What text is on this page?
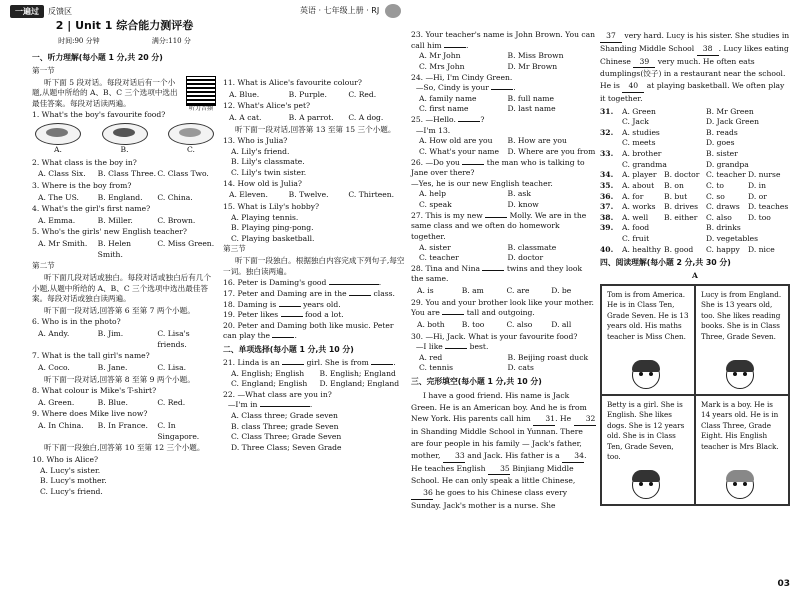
一遍过	反馈区	英语 · 七年级上册 · RJ
2 | Unit 1 综合能力测评卷
时间:90 分钟	满分:110 分
一、听力理解(每小题 1 分,共 20 分)
第一节
听力音频
听下面 5 段对话。每段对话后有一个小题,从题中所给的 A、B、C 三个选项中选出最佳答案。每段对话读两遍。
1. What's the boy's favourite food?
A.	B.	C.
2. What class is the boy in?
A. Class Six.	B. Class Three. C. Class Two.
3. Where is the boy from?
A. The US.	B. England.	C. China.
4. What's the girl's first name?
A. Emma.	B. Miller.	C. Brown.
5. Who's the girls' new English teacher?
A. Mr Smith.	B. Helen Smith.
C. Miss Green.
第二节
听下面几段对话或独白。每段对话或独白后有几个小题,从题中所给的 A、B、C 三个选项中选出最佳答案。每段对话或独白读两遍。
听下面一段对话,回答第 6 至第 7 两个小题。
6. Who is in the photo?
A. Andy.	B. Jim.	C. Lisa's friends.
7. What is the tall girl's name?
A. Coco.	B. Jane.	C. Lisa.
听下面一段对话,回答第 8 至第 9 两个小题。
8. What colour is Mike's T-shirt?
A. Green.	B. Blue.	C. Red.
9. Where does Mike live now?
A. In China.	B. In France.	C. In Singapore.
听下面一段独白,回答第 10 至第 12 三个小题。
10. Who is Alice?
A. Lucy's sister.
B. Lucy's mother.
C. Lucy's friend.
11. What is Alice's favourite colour?
A. Blue.	B. Purple.	C. Red.
12. What's Alice's pet?
A. A cat.	B. A parrot.	C. A dog.
听下面一段对话,回答第 13 至第 15 三个小题。
13. Who is Julia?
A. Lily's friend.
B. Lily's classmate.
C. Lily's twin sister.
14. How old is Julia?
A. Eleven.	B. Twelve.	C. Thirteen.
15. What is Lily's hobby?
A. Playing tennis.
B. Playing ping-pong.
C. Playing basketball.
第三节
听下面一段独白。根据独白内容完成下列句子,每空一词。独白读两遍。
16. Peter is Daming's good	.
17. Peter and Daming are in the	class.
18. Daming is	years old.
19. Peter likes	food a lot.
20. Peter and Daming both like music. Peter can play the	.
二、单项选择(每小题 1 分,共 10 分)
21. Linda is an	girl. She is from	.
A. English; English	B. English; England
C. England; English	D. England; England
22. —What class are you in?
—I'm in	.
A. Class three; Grade seven
B. class Three; grade Seven
C. Class Three; Grade Seven
D. Three Class; Seven Grade
23. Your teacher's name is John Brown. You can call him	.
A. Mr John	B. Miss Brown
C. Mrs John	D. Mr Brown
24. —Hi, I'm Cindy Green.
—So, Cindy is your	.
A. family name	B. full name
C. first name	D. last name
25. —Hello.	?
—I'm 13.
A. How old are you	B. How are you
C. What's your name	D. Where are you from
26. —Do you	the man who is talking to Jane over there?
—Yes, he is our new English teacher.
A. help	B. ask
C. speak	D. know
27. This is my new	Molly. We are in the same class and we often do homework together.
A. sister	B. classmate
C. teacher	D. doctor
28. Tina and Nina	twins and they look the same.
A. is	B. am	C. are	D. be
29. You and your brother look like your mother. You are	tall and outgoing.
A. both	B. too	C. also	D. all
30. —Hi, Jack. What is your favourite food?
—I like	best.
A. red	B. Beijing roast duck
C. tennis	D. cats
三、完形填空(每小题 1 分,共 10 分)
I have a good friend. His name is Jack Green. He is an American boy. And he is from New York. His parents call him 31. He 32 in Shanding Middle School in Yunnan. There are four people in his family — Jack's father, mother, 33 and Jack. His father is a 34. He teaches English 35 Binjiang Middle School. He can only speak a little Chinese, 36 he goes to his Chinese class every Sunday. Jack's mother is a nurse. She
37 very hard. Lucy is his sister. She studies in Shanding Middle School 38 . Lucy likes eating Chinese 39 very much. He often eats dumplings(饺子) in a restaurant near the school. He is 40 at playing basketball. We often play it together.
31.	A. Green	B. Mr Green
C. Jack	D. Jack Green
32.	A. studies	B. reads
C. meets	D. goes
33.	A. brother	B. sister
C. grandma	D. grandpa
34.	A. player B. doctor C. teacher D. nurse
35.	A. about	B. on	C. to	D. in
36.	A. for	B. but	C. so	D. or
37.	A. works	B. drives	C. draws	D. teaches
38.	A. well	B. either	C. also	D. too
39.	A. food	B. drinks
C. fruit	D. vegetables
40.	A. healthy B. good	C. happy	D. nice
四、阅读理解(每小题 2 分,共 30 分)
A
Tom is from America. He is in Class Ten, Grade Seven. He is 13 years old. His maths teacher is Miss Chen.
Lucy is from England. She is 13 years old, too. She likes reading books. She is in Class Three, Grade Seven.
Betty is a girl. She is English. She likes dogs. She is 12 years old. She is in Class Ten, Grade Seven, too.
Mark is a boy. He is 14 years old. He is in Class Three, Grade Eight. His English teacher is Mrs Black.
03
